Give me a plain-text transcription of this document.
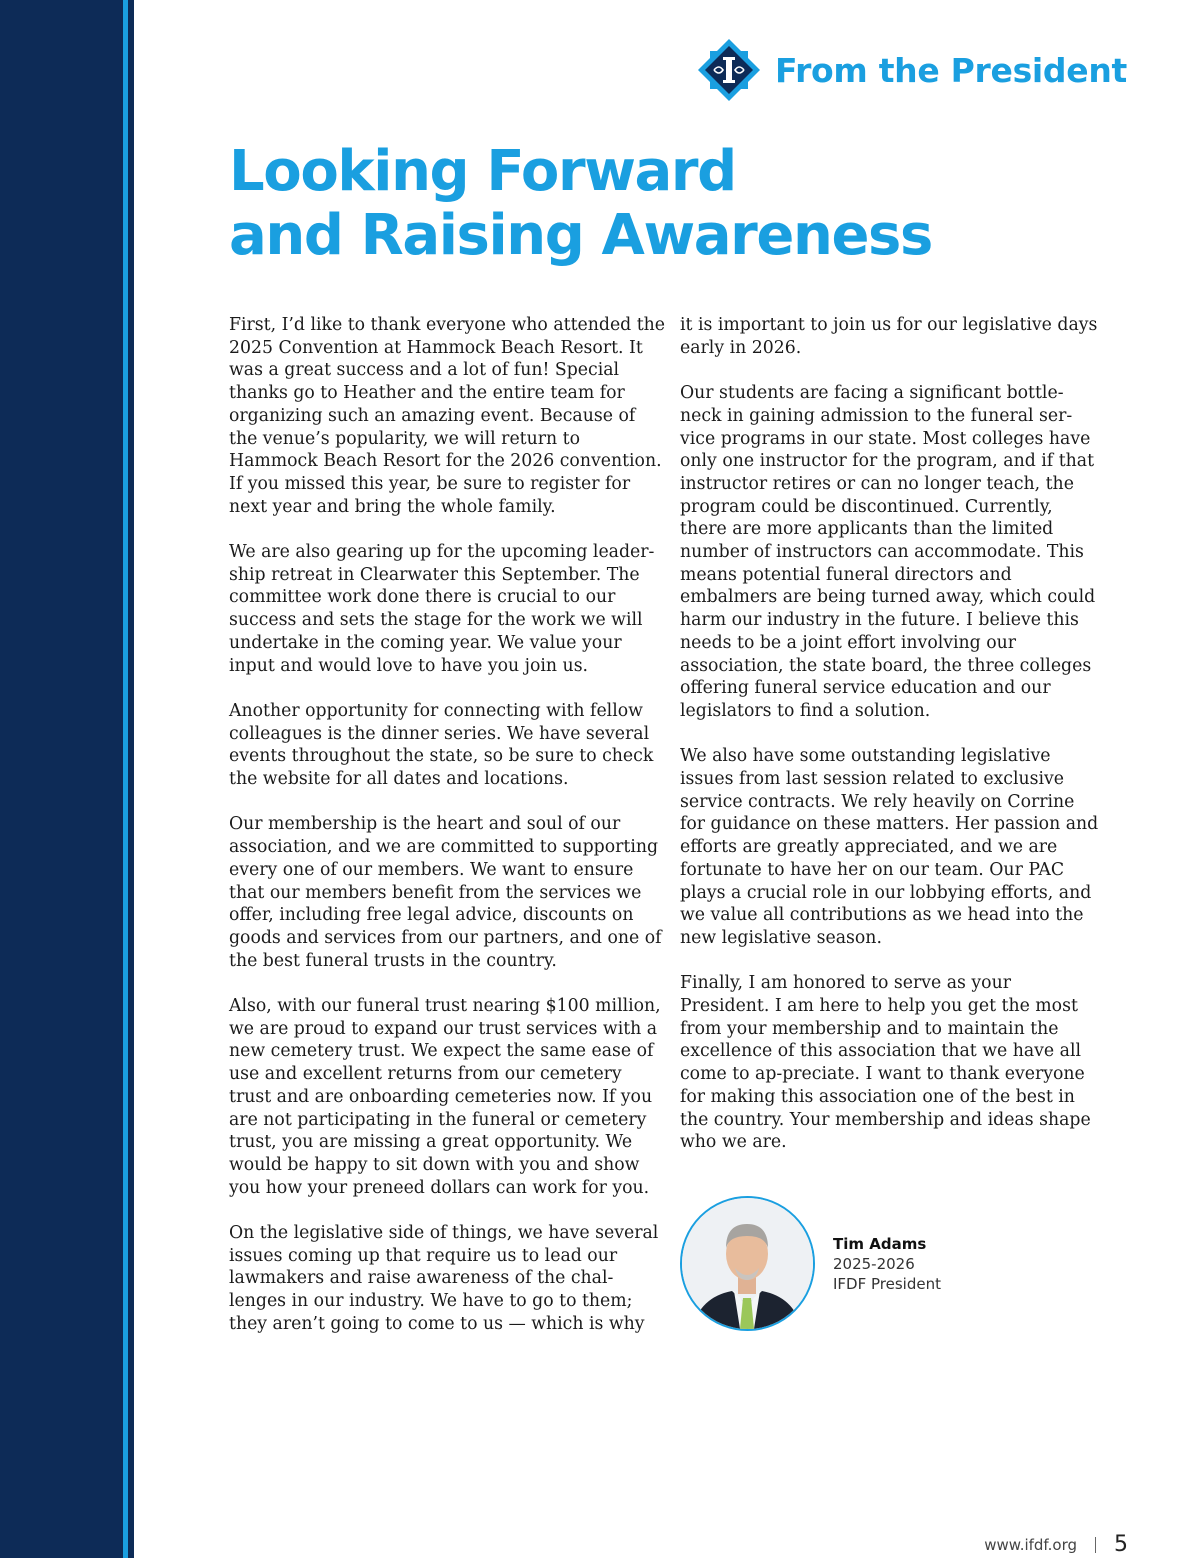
From the President
Looking Forward
and Raising Awareness

First, I’d like to thank everyone who attended the 2025 Convention at Hammock Beach Resort. It was a great success and a lot of fun! Special thanks go to Heather and the entire team for organizing such an amazing event. Because of the venue’s popularity, we will return to Hammock Beach Resort for the 2026 convention. If you missed this year, be sure to register for next year and bring the whole family.

We are also gearing up for the upcoming leader-ship retreat in Clearwater this September. The committee work done there is crucial to our success and sets the stage for the work we will undertake in the coming year. We value your input and would love to have you join us.

Another opportunity for connecting with fellow colleagues is the dinner series. We have several events throughout the state, so be sure to check the website for all dates and locations.

Our membership is the heart and soul of our association, and we are committed to supporting every one of our members. We want to ensure that our members benefit from the services we offer, including free legal advice, discounts on goods and services from our partners, and one of the best funeral trusts in the country.

Also, with our funeral trust nearing $100 million, we are proud to expand our trust services with a new cemetery trust. We expect the same ease of use and excellent returns from our cemetery trust and are onboarding cemeteries now. If you are not participating in the funeral or cemetery trust, you are missing a great opportunity. We would be happy to sit down with you and show you how your preneed dollars can work for you.

On the legislative side of things, we have several issues coming up that require us to lead our lawmakers and raise awareness of the chal-lenges in our industry. We have to go to them; they aren’t going to come to us — which is why

it is important to join us for our legislative days early in 2026.

Our students are facing a significant bottle-neck in gaining admission to the funeral ser-vice programs in our state. Most colleges have only one instructor for the program, and if that instructor retires or can no longer teach, the program could be discontinued. Currently, there are more applicants than the limited number of instructors can accommodate. This means potential funeral directors and embalmers are being turned away, which could harm our industry in the future. I believe this needs to be a joint effort involving our association, the state board, the three colleges offering funeral service education and our legislators to find a solution.

We also have some outstanding legislative issues from last session related to exclusive service contracts. We rely heavily on Corrine for guidance on these matters. Her passion and efforts are greatly appreciated, and we are fortunate to have her on our team. Our PAC plays a crucial role in our lobbying efforts, and we value all contributions as we head into the new legislative season.

Finally, I am honored to serve as your President. I am here to help you get the most from your membership and to maintain the excellence of this association that we have all come to ap-preciate. I want to thank everyone for making this association one of the best in the country. Your membership and ideas shape who we are.

Tim Adams
2025-2026
IFDF President
www.ifdf.org 5
